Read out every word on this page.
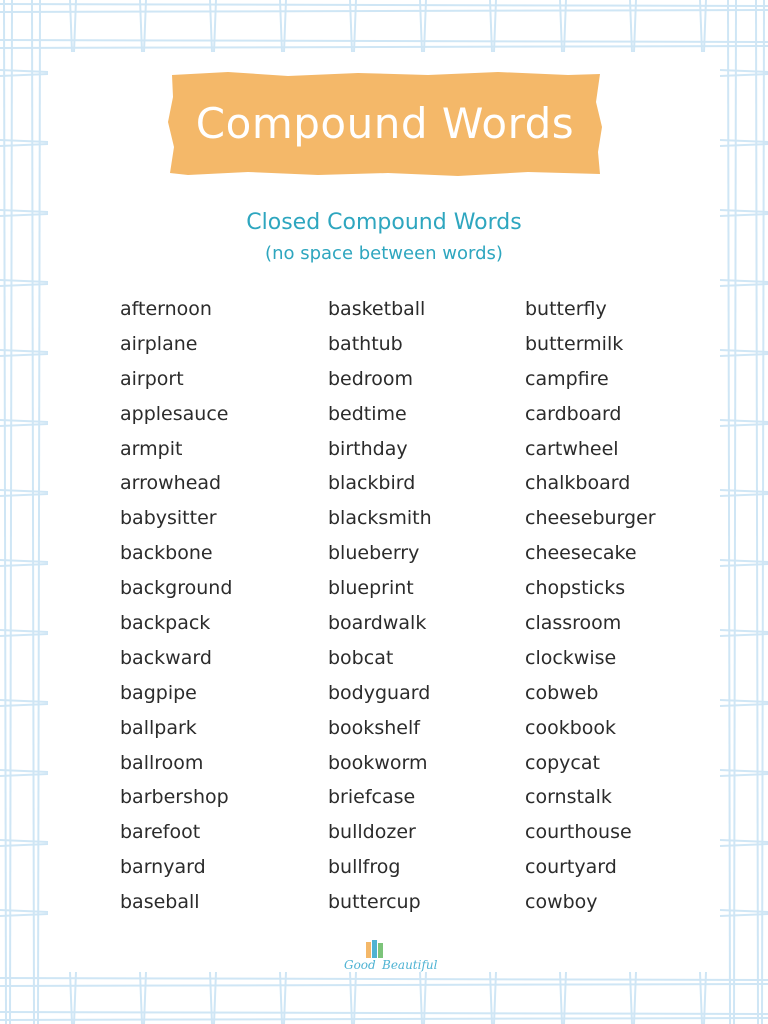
Compound Words
Closed Compound Words
(no space between words)
afternoon
airplane
airport
applesauce
armpit
arrowhead
babysitter
backbone
background
backpack
backward
bagpipe
ballpark
ballroom
barbershop
barefoot
barnyard
baseball
basketball
bathtub
bedroom
bedtime
birthday
blackbird
blacksmith
blueberry
blueprint
boardwalk
bobcat
bodyguard
bookshelf
bookworm
briefcase
bulldozer
bullfrog
buttercup
butterfly
buttermilk
campfire
cardboard
cartwheel
chalkboard
cheeseburger
cheesecake
chopsticks
classroom
clockwise
cobweb
cookbook
copycat
cornstalk
courthouse
courtyard
cowboy
Good Beautiful
